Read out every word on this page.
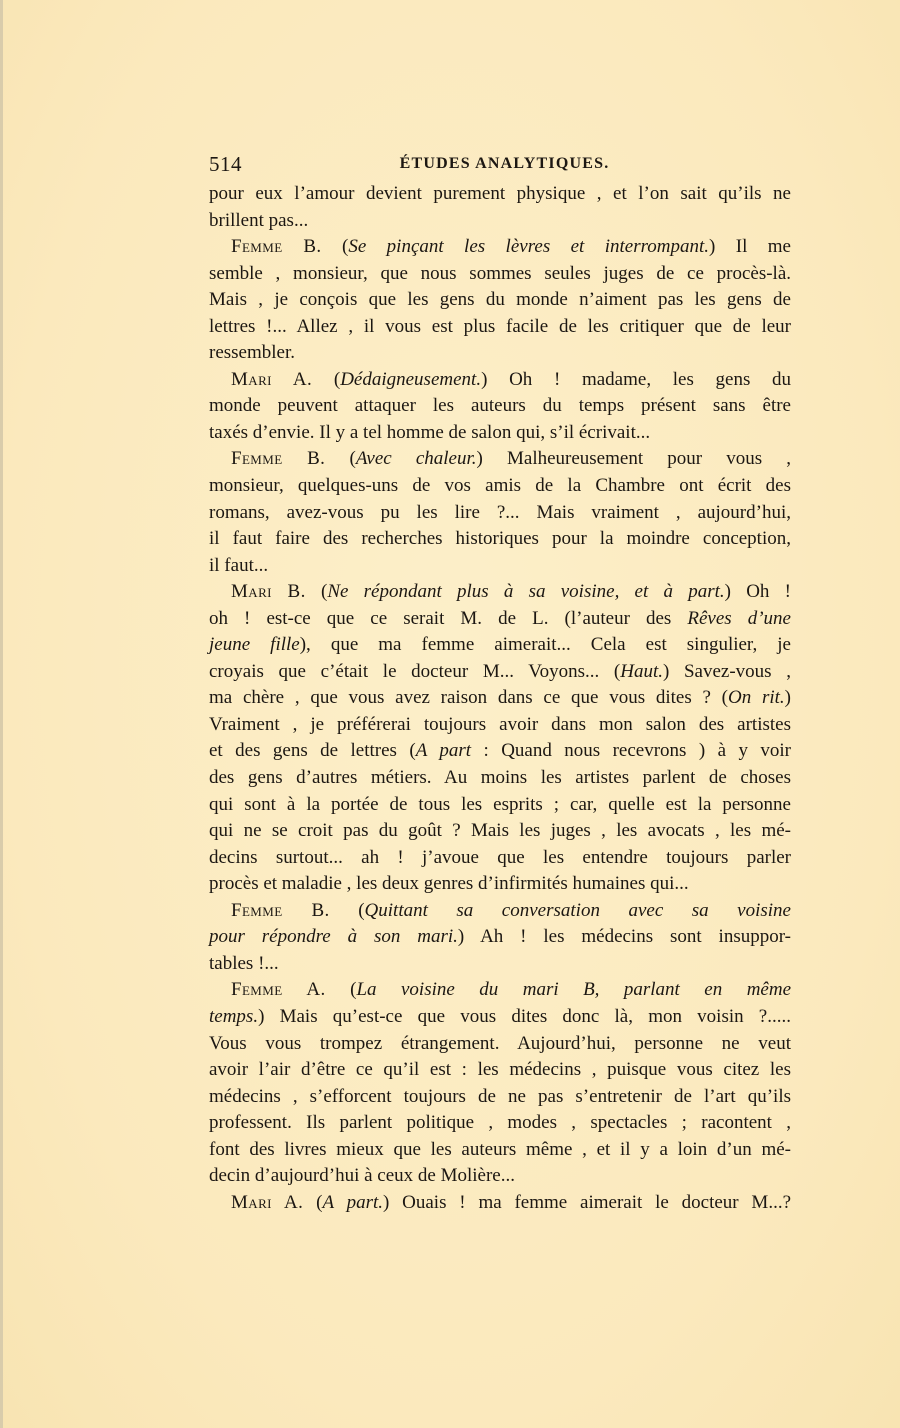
514	ÉTUDES ANALYTIQUES.
pour eux l’amour devient purement physique , et l’on sait qu’ils ne
brillent pas...
Femme B. (Se pinçant les lèvres et interrompant.) Il me
semble , monsieur, que nous sommes seules juges de ce procès-là.
Mais , je conçois que les gens du monde n’aiment pas les gens de
lettres !... Allez , il vous est plus facile de les critiquer que de leur
ressembler.
Mari A. (Dédaigneusement.) Oh ! madame, les gens du
monde peuvent attaquer les auteurs du temps présent sans être
taxés d’envie. Il y a tel homme de salon qui, s’il écrivait...
Femme B. (Avec chaleur.) Malheureusement pour vous ,
monsieur, quelques-uns de vos amis de la Chambre ont écrit des
romans, avez-vous pu les lire ?... Mais vraiment , aujourd’hui,
il faut faire des recherches historiques pour la moindre conception,
il faut...
Mari B. (Ne répondant plus à sa voisine, et à part.) Oh !
oh ! est-ce que ce serait M. de L. (l’auteur des Rêves d’une
jeune fille), que ma femme aimerait... Cela est singulier, je
croyais que c’était le docteur M... Voyons... (Haut.) Savez-vous ,
ma chère , que vous avez raison dans ce que vous dites ? (On rit.)
Vraiment , je préférerai toujours avoir dans mon salon des artistes
et des gens de lettres (A part : Quand nous recevrons ) à y voir
des gens d’autres métiers. Au moins les artistes parlent de choses
qui sont à la portée de tous les esprits ; car, quelle est la personne
qui ne se croit pas du goût ? Mais les juges , les avocats , les mé-
decins surtout... ah ! j’avoue que les entendre toujours parler
procès et maladie , les deux genres d’infirmités humaines qui...
Femme B. (Quittant sa conversation avec sa voisine
pour répondre à son mari.) Ah ! les médecins sont insuppor-
tables !...
Femme A. (La voisine du mari B, parlant en même
temps.) Mais qu’est-ce que vous dites donc là, mon voisin ?.....
Vous vous trompez étrangement. Aujourd’hui, personne ne veut
avoir l’air d’être ce qu’il est : les médecins , puisque vous citez les
médecins , s’efforcent toujours de ne pas s’entretenir de l’art qu’ils
professent. Ils parlent politique , modes , spectacles ; racontent ,
font des livres mieux que les auteurs même , et il y a loin d’un mé-
decin d’aujourd’hui à ceux de Molière...
Mari A. (A part.) Ouais ! ma femme aimerait le docteur M...?
